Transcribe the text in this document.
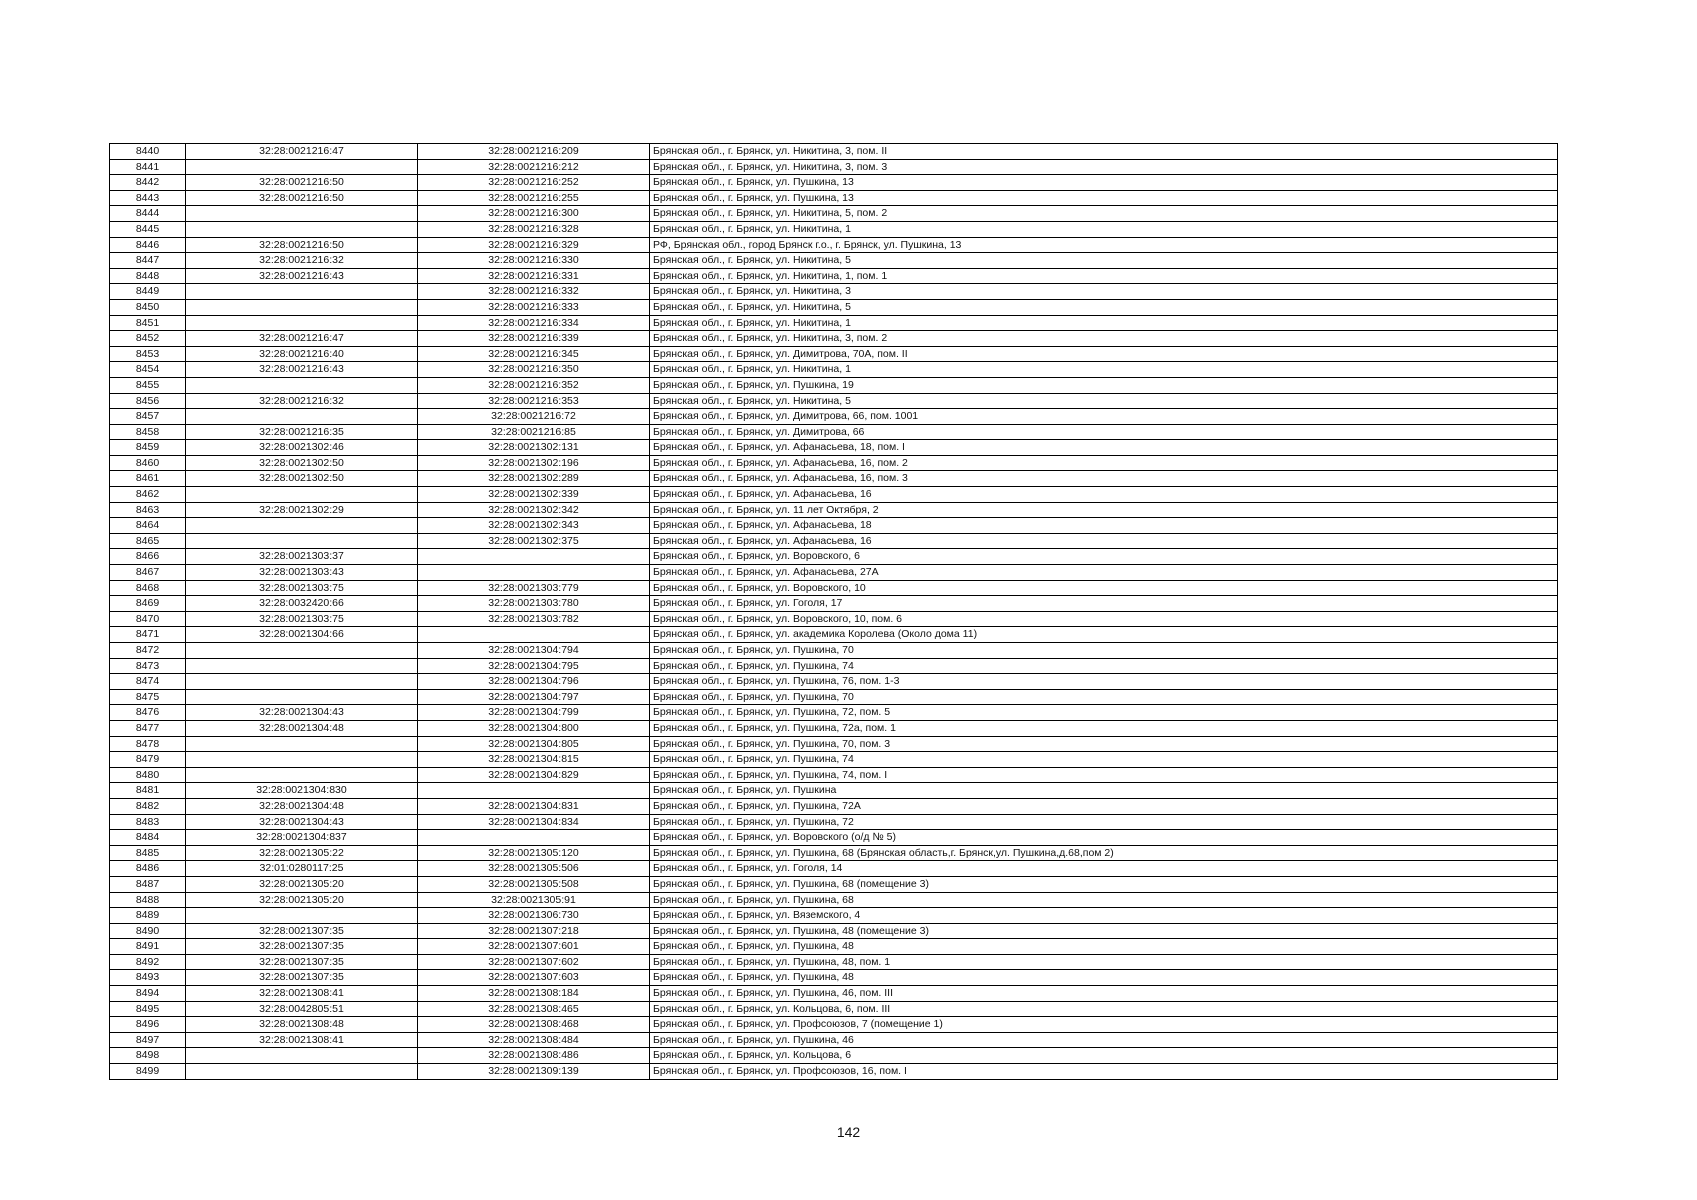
8440	32:28:0021216:47	32:28:0021216:209	Брянская обл., г. Брянск, ул. Никитина, 3, пом. II
8441		32:28:0021216:212	Брянская обл., г. Брянск, ул. Никитина, 3, пом. 3
8442	32:28:0021216:50	32:28:0021216:252	Брянская обл., г. Брянск, ул. Пушкина, 13
8443	32:28:0021216:50	32:28:0021216:255	Брянская обл., г. Брянск, ул. Пушкина, 13
8444		32:28:0021216:300	Брянская обл., г. Брянск, ул. Никитина, 5, пом. 2
8445		32:28:0021216:328	Брянская обл., г. Брянск, ул. Никитина, 1
8446	32:28:0021216:50	32:28:0021216:329	РФ, Брянская обл., город Брянск г.о., г. Брянск, ул. Пушкина, 13
8447	32:28:0021216:32	32:28:0021216:330	Брянская обл., г. Брянск, ул. Никитина, 5
8448	32:28:0021216:43	32:28:0021216:331	Брянская обл., г. Брянск, ул. Никитина, 1, пом. 1
8449		32:28:0021216:332	Брянская обл., г. Брянск, ул. Никитина, 3
8450		32:28:0021216:333	Брянская обл., г. Брянск, ул. Никитина, 5
8451		32:28:0021216:334	Брянская обл., г. Брянск, ул. Никитина, 1
8452	32:28:0021216:47	32:28:0021216:339	Брянская обл., г. Брянск, ул. Никитина, 3, пом. 2
8453	32:28:0021216:40	32:28:0021216:345	Брянская обл., г. Брянск, ул. Димитрова, 70А, пом. II
8454	32:28:0021216:43	32:28:0021216:350	Брянская обл., г. Брянск, ул. Никитина, 1
8455		32:28:0021216:352	Брянская обл., г. Брянск, ул. Пушкина, 19
8456	32:28:0021216:32	32:28:0021216:353	Брянская обл., г. Брянск, ул. Никитина, 5
8457		32:28:0021216:72	Брянская обл., г. Брянск, ул. Димитрова, 66, пом. 1001
8458	32:28:0021216:35	32:28:0021216:85	Брянская обл., г. Брянск, ул. Димитрова, 66
8459	32:28:0021302:46	32:28:0021302:131	Брянская обл., г. Брянск, ул. Афанасьева, 18, пом. I
8460	32:28:0021302:50	32:28:0021302:196	Брянская обл., г. Брянск, ул. Афанасьева, 16, пом. 2
8461	32:28:0021302:50	32:28:0021302:289	Брянская обл., г. Брянск, ул. Афанасьева, 16, пом. 3
8462		32:28:0021302:339	Брянская обл., г. Брянск, ул. Афанасьева, 16
8463	32:28:0021302:29	32:28:0021302:342	Брянская обл., г. Брянск, ул. 11 лет Октября, 2
8464		32:28:0021302:343	Брянская обл., г. Брянск, ул. Афанасьева, 18
8465		32:28:0021302:375	Брянская обл., г. Брянск, ул. Афанасьева, 16
8466	32:28:0021303:37		Брянская обл., г. Брянск, ул. Воровского, 6
8467	32:28:0021303:43		Брянская обл., г. Брянск, ул. Афанасьева, 27А
8468	32:28:0021303:75	32:28:0021303:779	Брянская обл., г. Брянск, ул. Воровского, 10
8469	32:28:0032420:66	32:28:0021303:780	Брянская обл., г. Брянск, ул. Гоголя, 17
8470	32:28:0021303:75	32:28:0021303:782	Брянская обл., г. Брянск, ул. Воровского, 10, пом. 6
8471	32:28:0021304:66		Брянская обл., г. Брянск, ул. академика Королева (Около дома 11)
8472		32:28:0021304:794	Брянская обл., г. Брянск, ул. Пушкина, 70
8473		32:28:0021304:795	Брянская обл., г. Брянск, ул. Пушкина, 74
8474		32:28:0021304:796	Брянская обл., г. Брянск, ул. Пушкина, 76, пом. 1-3
8475		32:28:0021304:797	Брянская обл., г. Брянск, ул. Пушкина, 70
8476	32:28:0021304:43	32:28:0021304:799	Брянская обл., г. Брянск, ул. Пушкина, 72, пом. 5
8477	32:28:0021304:48	32:28:0021304:800	Брянская обл., г. Брянск, ул. Пушкина, 72а, пом. 1
8478		32:28:0021304:805	Брянская обл., г. Брянск, ул. Пушкина, 70, пом. 3
8479		32:28:0021304:815	Брянская обл., г. Брянск, ул. Пушкина, 74
8480		32:28:0021304:829	Брянская обл., г. Брянск, ул. Пушкина, 74, пом. I
8481	32:28:0021304:830		Брянская обл., г. Брянск, ул. Пушкина
8482	32:28:0021304:48	32:28:0021304:831	Брянская обл., г. Брянск, ул. Пушкина, 72А
8483	32:28:0021304:43	32:28:0021304:834	Брянская обл., г. Брянск, ул. Пушкина, 72
8484	32:28:0021304:837		Брянская обл., г. Брянск, ул. Воровского (о/д № 5)
8485	32:28:0021305:22	32:28:0021305:120	Брянская обл., г. Брянск, ул. Пушкина, 68 (Брянская область,г. Брянск,ул. Пушкина,д.68,пом 2)
8486	32:01:0280117:25	32:28:0021305:506	Брянская обл., г. Брянск, ул. Гоголя, 14
8487	32:28:0021305:20	32:28:0021305:508	Брянская обл., г. Брянск, ул. Пушкина, 68 (помещение 3)
8488	32:28:0021305:20	32:28:0021305:91	Брянская обл., г. Брянск, ул. Пушкина, 68
8489		32:28:0021306:730	Брянская обл., г. Брянск, ул. Вяземского, 4
8490	32:28:0021307:35	32:28:0021307:218	Брянская обл., г. Брянск, ул. Пушкина, 48 (помещение 3)
8491	32:28:0021307:35	32:28:0021307:601	Брянская обл., г. Брянск, ул. Пушкина, 48
8492	32:28:0021307:35	32:28:0021307:602	Брянская обл., г. Брянск, ул. Пушкина, 48, пом. 1
8493	32:28:0021307:35	32:28:0021307:603	Брянская обл., г. Брянск, ул. Пушкина, 48
8494	32:28:0021308:41	32:28:0021308:184	Брянская обл., г. Брянск, ул. Пушкина, 46, пом. III
8495	32:28:0042805:51	32:28:0021308:465	Брянская обл., г. Брянск, ул. Кольцова, 6, пом. III
8496	32:28:0021308:48	32:28:0021308:468	Брянская обл., г. Брянск, ул. Профсоюзов, 7 (помещение 1)
8497	32:28:0021308:41	32:28:0021308:484	Брянская обл., г. Брянск, ул. Пушкина, 46
8498		32:28:0021308:486	Брянская обл., г. Брянск, ул. Кольцова, 6
8499		32:28:0021309:139	Брянская обл., г. Брянск, ул. Профсоюзов, 16, пом. I
142
